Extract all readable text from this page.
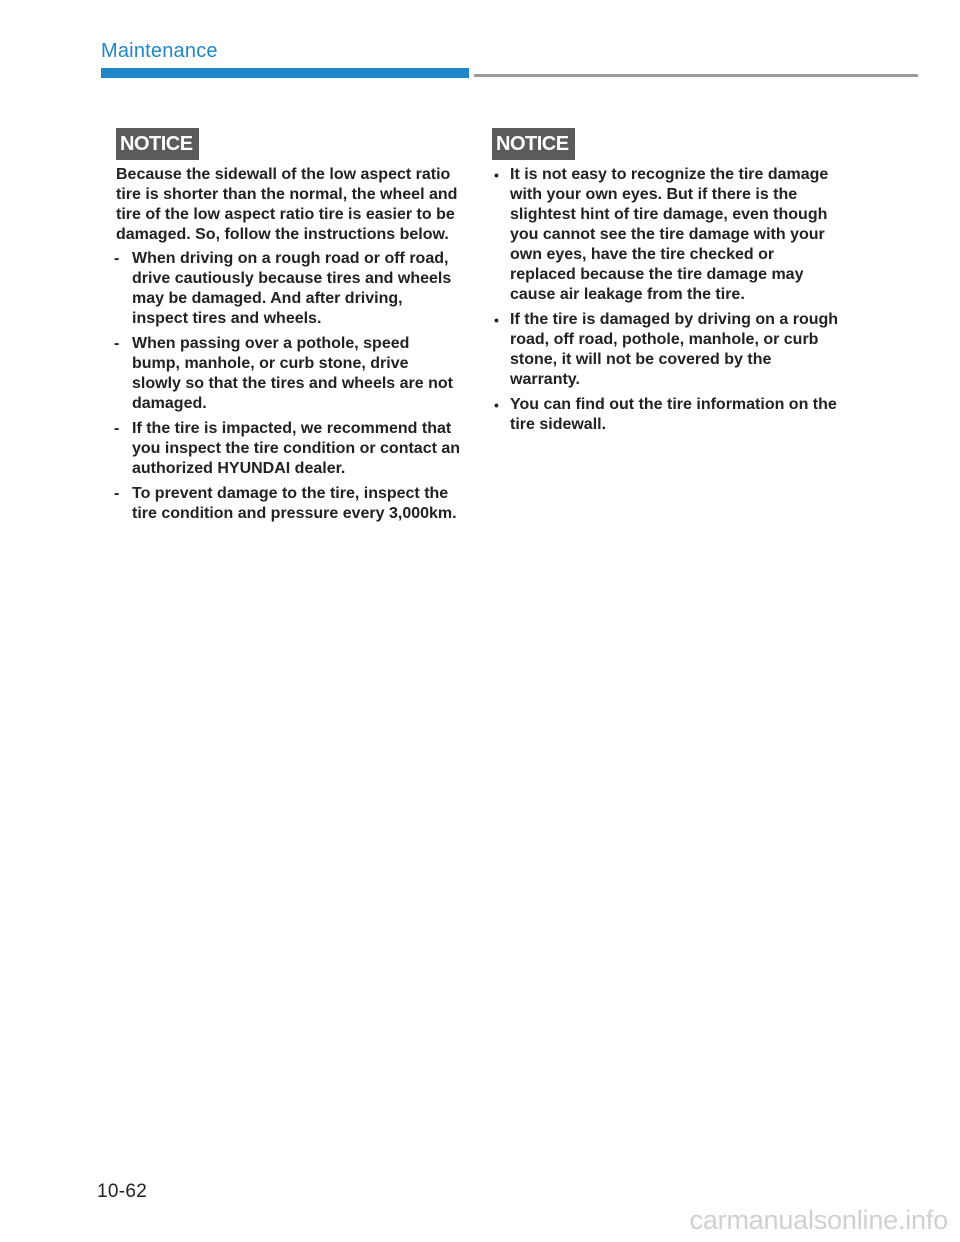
Maintenance
NOTICE

Because the sidewall of the low aspect ratio tire is shorter than the normal, the wheel and tire of the low aspect ratio tire is easier to be damaged. So, follow the instructions below.

- When driving on a rough road or off road, drive cautiously because tires and wheels may be damaged. And after driving, inspect tires and wheels.
- When passing over a pothole, speed bump, manhole, or curb stone, drive slowly so that the tires and wheels are not damaged.
- If the tire is impacted, we recommend that you inspect the tire condition or contact an authorized HYUNDAI dealer.
- To prevent damage to the tire, inspect the tire condition and pressure every 3,000km.
NOTICE
• It is not easy to recognize the tire damage with your own eyes. But if there is the slightest hint of tire damage, even though you cannot see the tire damage with your own eyes, have the tire checked or replaced because the tire damage may cause air leakage from the tire.
• If the tire is damaged by driving on a rough road, off road, pothole, manhole, or curb stone, it will not be covered by the warranty.
• You can find out the tire information on the tire sidewall.
10-62
carmanualsonline.info
